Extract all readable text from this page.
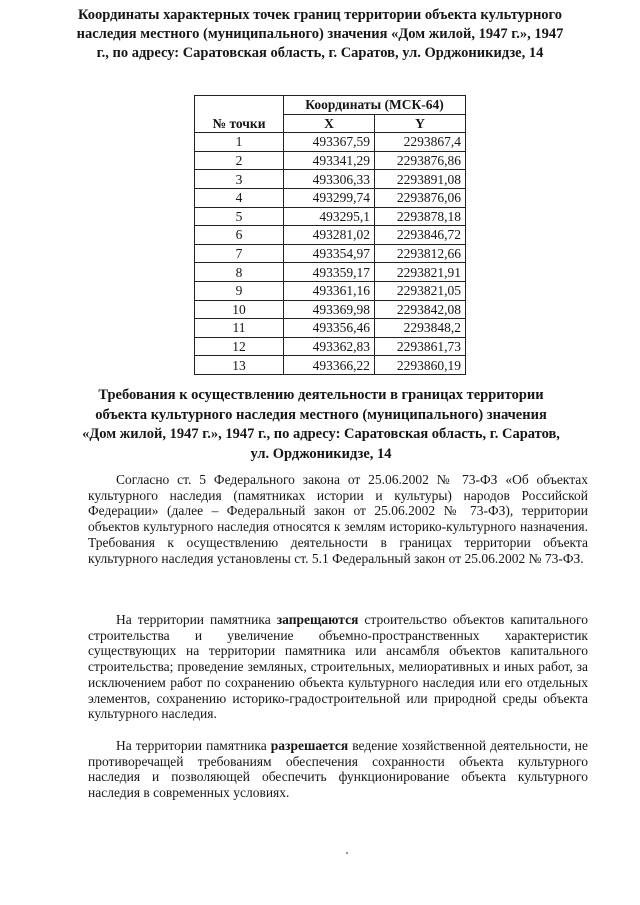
Координаты характерных точек границ территории объекта культурного наследия местного (муниципального) значения «Дом жилой, 1947 г.», 1947 г., по адресу: Саратовская область, г. Саратов, ул. Орджоникидзе, 14

№ точки	Координаты (МСК-64)	
	X	Y
1	493367,59	2293867,4
2	493341,29	2293876,86
3	493306,33	2293891,08
4	493299,74	2293876,06
5	493295,1	2293878,18
6	493281,02	2293846,72
7	493354,97	2293812,66
8	493359,17	2293821,91
9	493361,16	2293821,05
10	493369,98	2293842,08
11	493356,46	2293848,2
12	493362,83	2293861,73
13	493366,22	2293860,19

Требования к осуществлению деятельности в границах территории объекта культурного наследия местного (муниципального) значения «Дом жилой, 1947 г.», 1947 г., по адресу: Саратовская область, г. Саратов, ул. Орджоникидзе, 14

Согласно ст. 5 Федерального закона от 25.06.2002 № 73-ФЗ «Об объектах культурного наследия (памятниках истории и культуры) народов Российской Федерации» (далее – Федеральный закон от 25.06.2002 № 73-ФЗ), территории объектов культурного наследия относятся к землям историко-культурного назначения. Требования к осуществлению деятельности в границах территории объекта культурного наследия установлены ст. 5.1 Федеральный закон от 25.06.2002 № 73-ФЗ.

На территории памятника запрещаются строительство объектов капитального строительства и увеличение объемно-пространственных характеристик существующих на территории памятника или ансамбля объектов капитального строительства; проведение земляных, строительных, мелиоративных и иных работ, за исключением работ по сохранению объекта культурного наследия или его отдельных элементов, сохранению историко-градостроительной или природной среды объекта культурного наследия.

На территории памятника разрешается ведение хозяйственной деятельности, не противоречащей требованиям обеспечения сохранности объекта культурного наследия и позволяющей обеспечить функционирование объекта культурного наследия в современных условиях.
